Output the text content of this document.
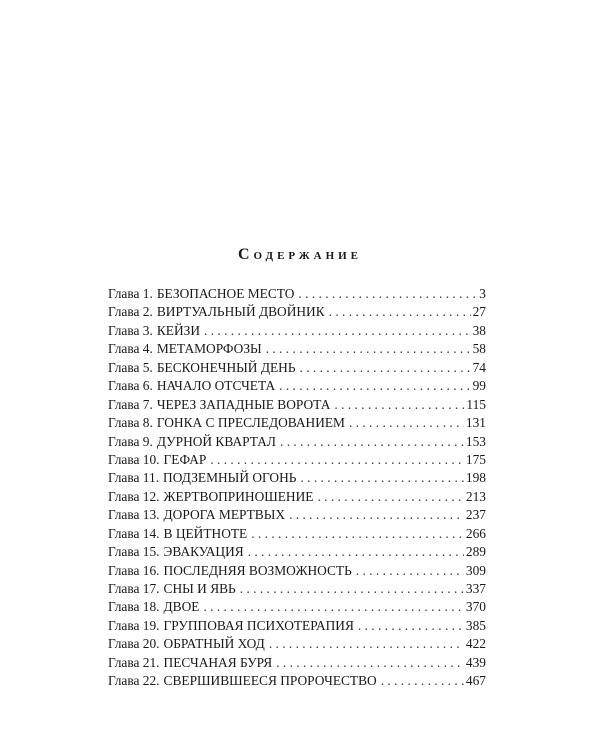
Содержание
Глава 1. БЕЗОПАСНОЕ МЕСТО . . .	3
Глава 2. ВИРТУАЛЬНЫЙ ДВОЙНИК . . .	27
Глава 3. КЕЙЗИ . . .	38
Глава 4. МЕТАМОРФОЗЫ . . .	58
Глава 5. БЕСКОНЕЧНЫЙ ДЕНЬ . . .	74
Глава 6. НАЧАЛО ОТСЧЕТА . . .	99
Глава 7. ЧЕРЕЗ ЗАПАДНЫЕ ВОРОТА . . .	115
Глава 8. ГОНКА С ПРЕСЛЕДОВАНИЕМ . . .	131
Глава 9. ДУРНОЙ КВАРТАЛ . . .	153
Глава 10. ГЕФАР . . .	175
Глава 11. ПОДЗЕМНЫЙ ОГОНЬ . . .	198
Глава 12. ЖЕРТВОПРИНОШЕНИЕ . . .	213
Глава 13. ДОРОГА МЕРТВЫХ . . .	237
Глава 14. В ЦЕЙТНОТЕ . . .	266
Глава 15. ЭВАКУАЦИЯ . . .	289
Глава 16. ПОСЛЕДНЯЯ ВОЗМОЖНОСТЬ . . .	309
Глава 17. СНЫ И ЯВЬ . . .	337
Глава 18. ДВОЕ . . .	370
Глава 19. ГРУППОВАЯ ПСИХОТЕРАПИЯ . . .	385
Глава 20. ОБРАТНЫЙ ХОД . . .	422
Глава 21. ПЕСЧАНАЯ БУРЯ . . .	439
Глава 22. СВЕРШИВШЕЕСЯ ПРОРОЧЕСТВО . . .	467
